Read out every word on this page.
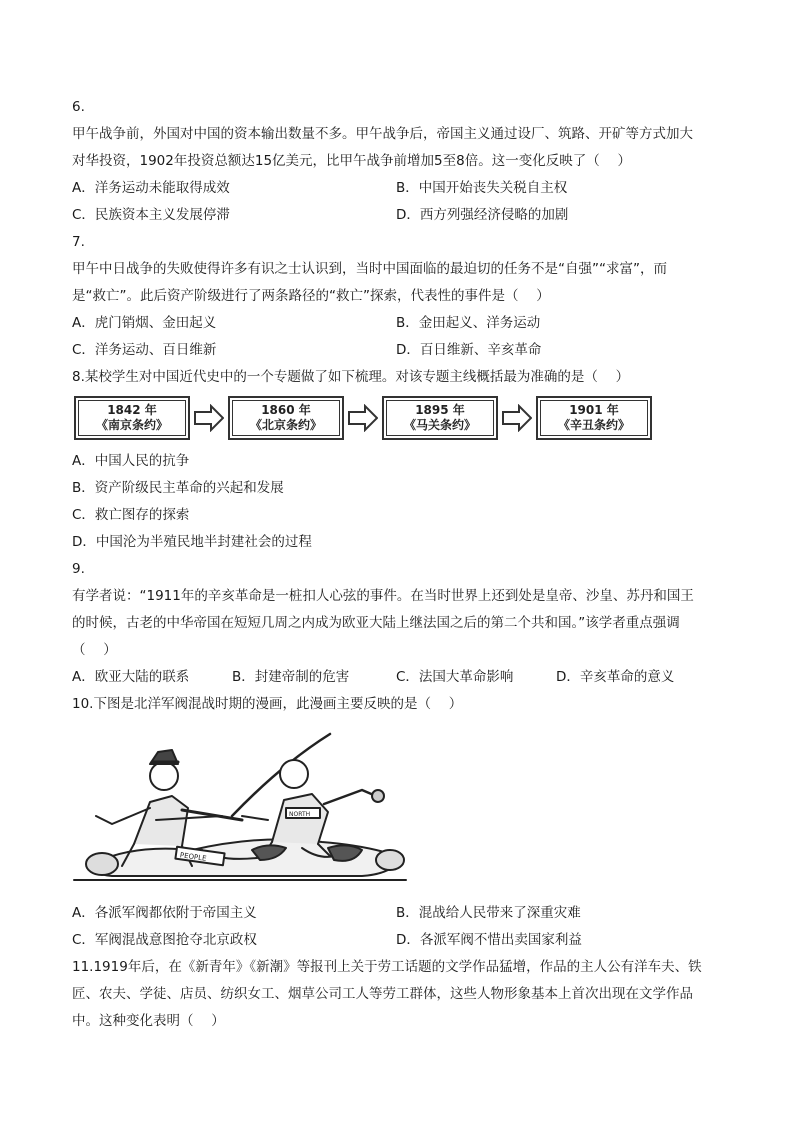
6.
甲午战争前，外国对中国的资本输出数量不多。甲午战争后，帝国主义通过设厂、筑路、开矿等方式加大
对华投资，1902年投资总额达15亿美元，比甲午战争前增加5至8倍。这一变化反映了（　 ）
A．洋务运动未能取得成效	B．中国开始丧失关税自主权
C．民族资本主义发展停滞	D．西方列强经济侵略的加剧
7.
甲午中日战争的失败使得许多有识之士认识到，当时中国面临的最迫切的任务不是“自强”“求富”，而
是“救亡”。此后资产阶级进行了两条路径的“救亡”探索，代表性的事件是（　 ）
A．虎门销烟、金田起义	B．金田起义、洋务运动
C．洋务运动、百日维新	D．百日维新、辛亥革命
8.某校学生对中国近代史中的一个专题做了如下梳理。对该专题主线概括最为准确的是（　 ）
1842 年
《南京条约》
1860 年
《北京条约》
1895 年
《马关条约》
1901 年
《辛丑条约》
A．中国人民的抗争
B．资产阶级民主革命的兴起和发展
C．救亡图存的探索
D．中国沦为半殖民地半封建社会的过程
9.
有学者说：“1911年的辛亥革命是一桩扣人心弦的事件。在当时世界上还到处是皇帝、沙皇、苏丹和国王
的时候，古老的中华帝国在短短几周之内成为欧亚大陆上继法国之后的第二个共和国。”该学者重点强调
（　 ）
A．欧亚大陆的联系	B．封建帝制的危害	C．法国大革命影响	D．辛亥革命的意义
10.下图是北洋军阀混战时期的漫画，此漫画主要反映的是（　 ）
PEOPLE
NORTH
A．各派军阀都依附于帝国主义	B．混战给人民带来了深重灾难
C．军阀混战意图抢夺北京政权	D．各派军阀不惜出卖国家利益
11.1919年后，在《新青年》《新潮》等报刊上关于劳工话题的文学作品猛增，作品的主人公有洋车夫、铁
匠、农夫、学徒、店员、纺织女工、烟草公司工人等劳工群体，这些人物形象基本上首次出现在文学作品
中。这种变化表明（　 ）
